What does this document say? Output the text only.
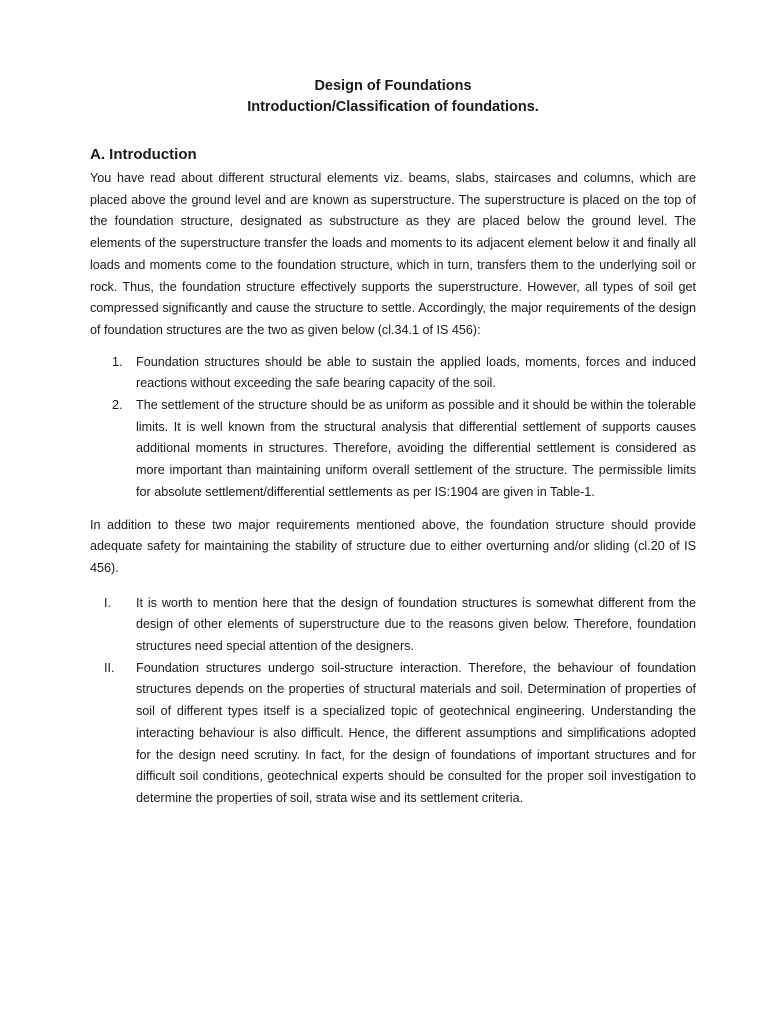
Design of Foundations
Introduction/Classification of foundations.
A. Introduction

You have read about different structural elements viz. beams, slabs, staircases and columns, which are placed above the ground level and are known as superstructure. The superstructure is placed on the top of the foundation structure, designated as substructure as they are placed below the ground level. The elements of the superstructure transfer the loads and moments to its adjacent element below it and finally all loads and moments come to the foundation structure, which in turn, transfers them to the underlying soil or rock. Thus, the foundation structure effectively supports the superstructure. However, all types of soil get compressed significantly and cause the structure to settle. Accordingly, the major requirements of the design of foundation structures are the two as given below (cl.34.1 of IS 456):

1. Foundation structures should be able to sustain the applied loads, moments, forces and induced reactions without exceeding the safe bearing capacity of the soil.
2. The settlement of the structure should be as uniform as possible and it should be within the tolerable limits. It is well known from the structural analysis that differential settlement of supports causes additional moments in structures. Therefore, avoiding the differential settlement is considered as more important than maintaining uniform overall settlement of the structure. The permissible limits for absolute settlement/differential settlements as per IS:1904 are given in Table-1.

In addition to these two major requirements mentioned above, the foundation structure should provide adequate safety for maintaining the stability of structure due to either overturning and/or sliding (cl.20 of IS 456).

I. It is worth to mention here that the design of foundation structures is somewhat different from the design of other elements of superstructure due to the reasons given below. Therefore, foundation structures need special attention of the designers.
II. Foundation structures undergo soil-structure interaction. Therefore, the behaviour of foundation structures depends on the properties of structural materials and soil. Determination of properties of soil of different types itself is a specialized topic of geotechnical engineering. Understanding the interacting behaviour is also difficult. Hence, the different assumptions and simplifications adopted for the design need scrutiny. In fact, for the design of foundations of important structures and for difficult soil conditions, geotechnical experts should be consulted for the proper soil investigation to determine the properties of soil, strata wise and its settlement criteria.
